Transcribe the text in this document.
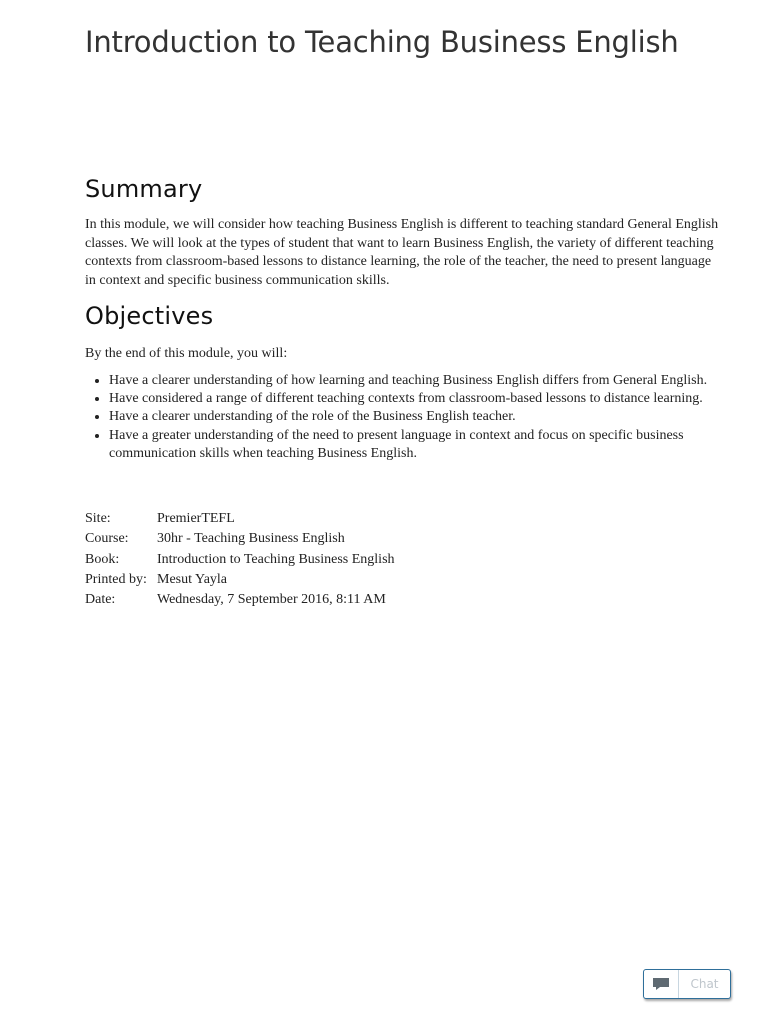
Introduction to Teaching Business English
Summary

In this module, we will consider how teaching Business English is different to teaching standard General English classes. We will look at the types of student that want to learn Business English, the variety of different teaching contexts from classroom-based lessons to distance learning, the role of the teacher, the need to present language in context and specific business communication skills.

Objectives

By the end of this module, you will:

• Have a clearer understanding of how learning and teaching Business English differs from General English.
• Have considered a range of different teaching contexts from classroom-based lessons to distance learning.
• Have a clearer understanding of the role of the Business English teacher.
• Have a greater understanding of the need to present language in context and focus on specific business communication skills when teaching Business English.
Site:	PremierTEFL
Course:	30hr - Teaching Business English
Book:	Introduction to Teaching Business English
Printed by:	Mesut Yayla
Date:	Wednesday, 7 September 2016, 8:11 AM
Chat
